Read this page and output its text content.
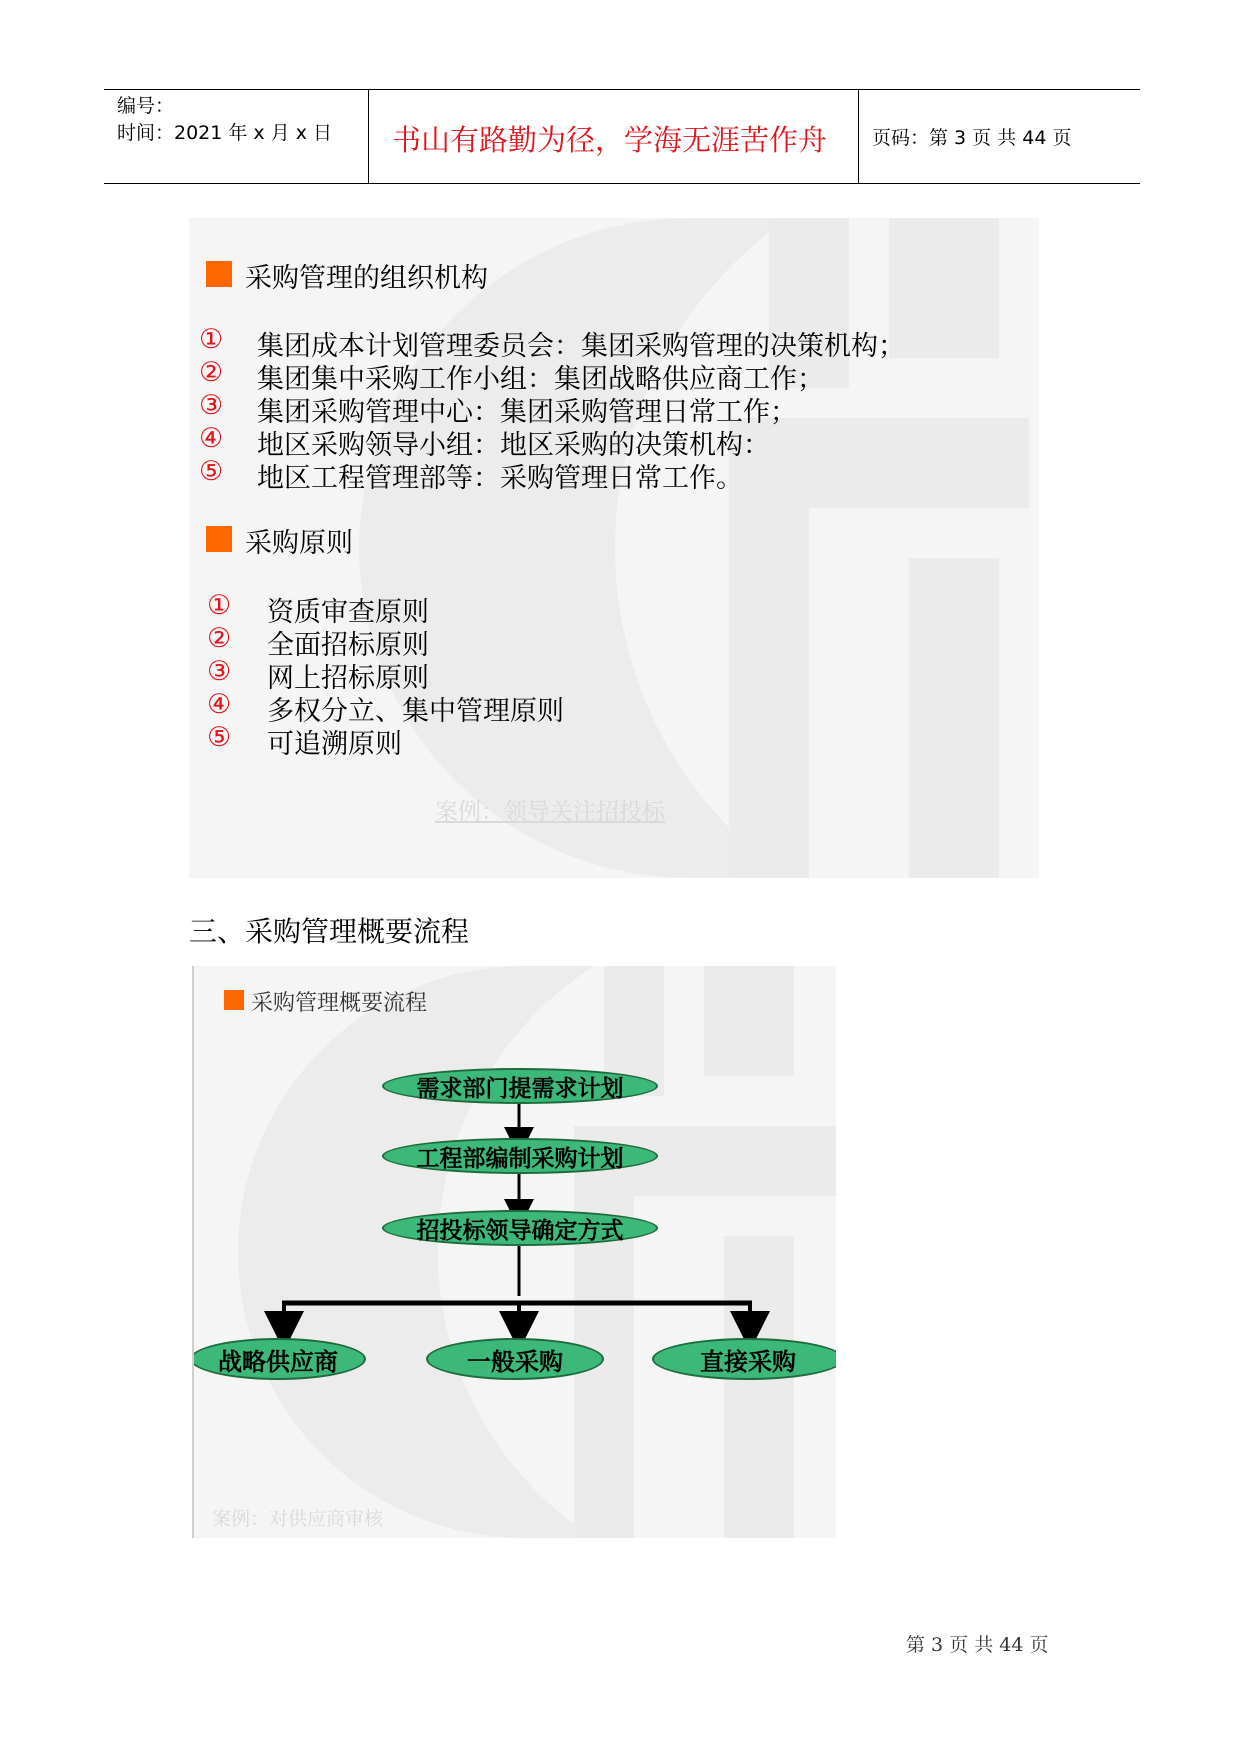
编号：
时间：2021 年 x 月 x 日 书山有路勤为径，学海无涯苦作舟 页码：第 3 页 共 44 页
采购管理的组织机构
①	集团成本计划管理委员会：集团采购管理的决策机构；
②	集团集中采购工作小组：集团战略供应商工作；
③	集团采购管理中心：集团采购管理日常工作；
④	地区采购领导小组：地区采购的决策机构：
⑤	地区工程管理部等：采购管理日常工作。
采购原则
①	资质审查原则
②	全面招标原则
③	网上招标原则
④	多权分立、集中管理原则
⑤	可追溯原则
案例：领导关注招投标
三、采购管理概要流程
采购管理概要流程
需求部门提需求计划
工程部编制采购计划
招投标领导确定方式
战略供应商	一般采购	直接采购
案例：对供应商审核
第 3 页 共 44 页
